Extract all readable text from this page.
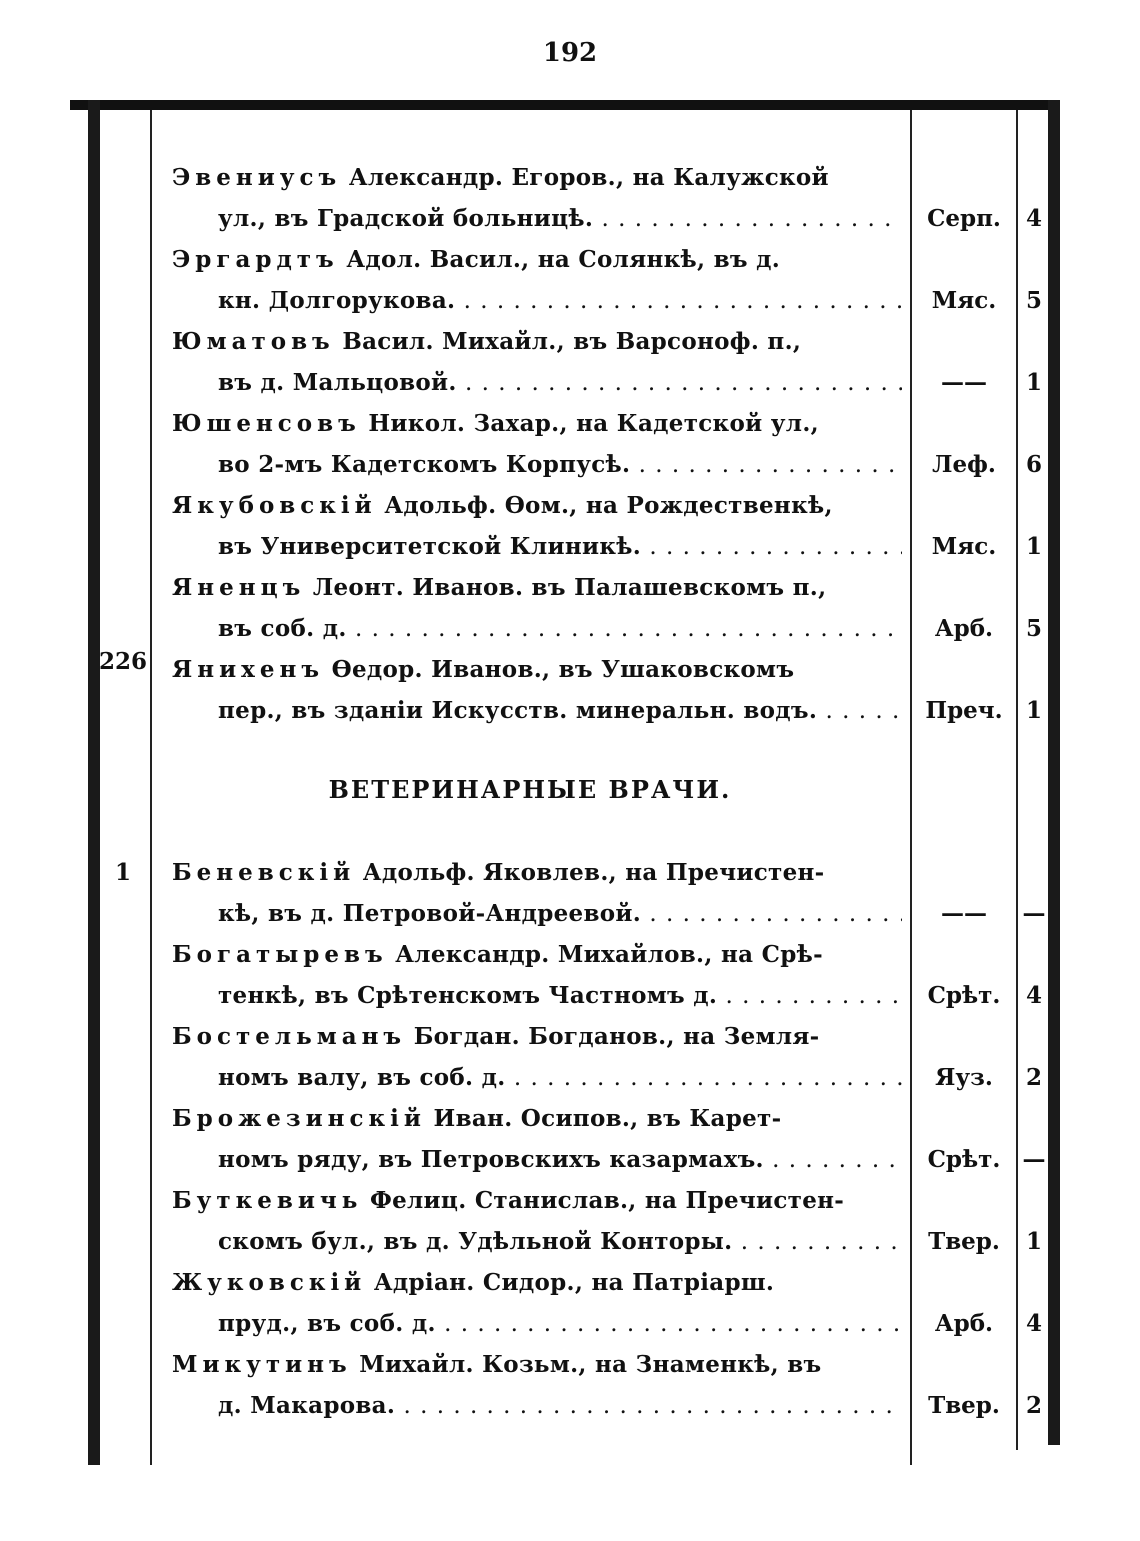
192
Эвениусъ Александр. Егоров., на Калужской
ул., въ Градской больницѣ. . . .	Серп.	4
Эргардтъ Адол. Васил., на Солянкѣ, въ д.
кн. Долгорукова. . . .	Мяс.	5
Юматовъ Васил. Михайл., въ Варсоноф. п.,
въ д. Мальцовой. . . .	——	1
Юшенсовъ Никол. Захар., на Кадетской ул.,
во 2-мъ Кадетскомъ Корпусѣ. . . .	Леф.	6
Якубовскій Адольф. Ѳом., на Рождественкѣ,
въ Университетской Клиникѣ. . . .	Мяс.	1
Яненцъ Леонт. Иванов. въ Палашевскомъ п.,
въ соб. д. . . .	Арб.	5
Янихенъ Ѳедор. Иванов., въ Ушаковскомъ
пер., въ зданіи Искусств. минеральн. водъ. . . .	Преч.	1
226
ВЕТЕРИНАРНЫЕ ВРАЧИ.
Беневскій Адольф. Яковлев., на Пречистен-
кѣ, въ д. Петровой-Андреевой. . . .	——	—
1
Богатыревъ Александр. Михайлов., на Срѣ-
тенкѣ, въ Срѣтенскомъ Частномъ д. . . .	Срѣт.	4
Бостельманъ Богдан. Богданов., на Земля-
номъ валу, въ соб. д. . . .	Яуз.	2
Брожезинскій Иван. Осипов., въ Карет-
номъ ряду, въ Петровскихъ казармахъ. . . .	Срѣт. —
Буткевичь Фелиц. Станислав., на Пречистен-
скомъ бул., въ д. Удѣльной Конторы. . . .	Твер.	1
Жуковскій Адріан. Сидор., на Патріарш.
пруд., въ соб. д. . . .	Арб.	4
Микутинъ Михайл. Козьм., на Знаменкѣ, въ
д. Макарова. . . .	Твер.	2
